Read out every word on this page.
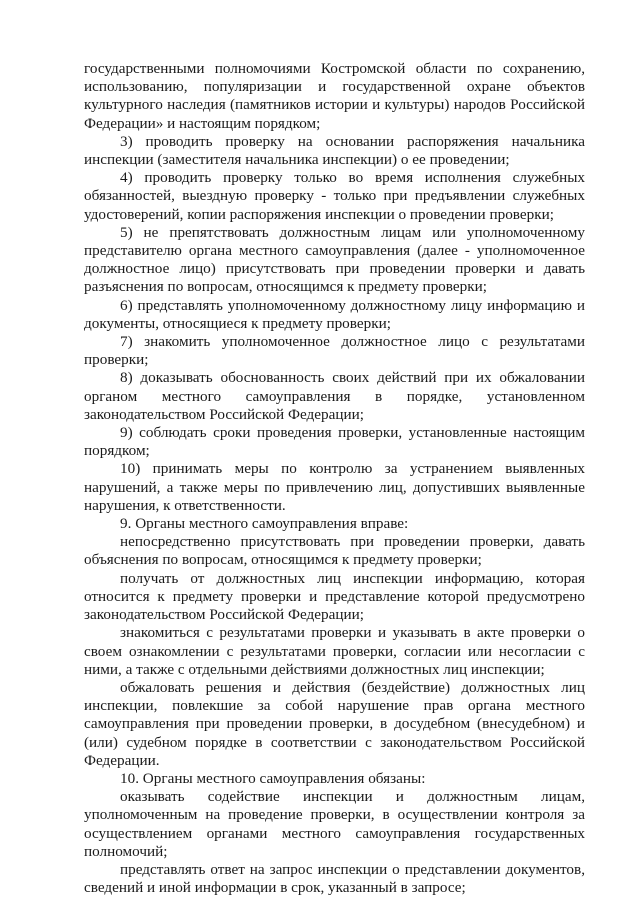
государственными полномочиями Костромской области по сохранению, использованию, популяризации и государственной охране объектов культурного наследия (памятников истории и культуры) народов Российской Федерации» и настоящим порядком;

3) проводить проверку на основании распоряжения начальника инспекции (заместителя начальника инспекции) о ее проведении;

4) проводить проверку только во время исполнения служебных обязанностей, выездную проверку - только при предъявлении служебных удостоверений, копии распоряжения инспекции о проведении проверки;

5) не препятствовать должностным лицам или уполномоченному представителю органа местного самоуправления (далее - уполномоченное должностное лицо) присутствовать при проведении проверки и давать разъяснения по вопросам, относящимся к предмету проверки;

6) представлять уполномоченному должностному лицу информацию и документы, относящиеся к предмету проверки;

7) знакомить уполномоченное должностное лицо с результатами проверки;

8) доказывать обоснованность своих действий при их обжаловании органом местного самоуправления в порядке, установленном законодательством Российской Федерации;

9) соблюдать сроки проведения проверки, установленные настоящим порядком;

10) принимать меры по контролю за устранением выявленных нарушений, а также меры по привлечению лиц, допустивших выявленные нарушения, к ответственности.

9. Органы местного самоуправления вправе:

непосредственно присутствовать при проведении проверки, давать объяснения по вопросам, относящимся к предмету проверки;

получать от должностных лиц инспекции информацию, которая относится к предмету проверки и представление которой предусмотрено законодательством Российской Федерации;

знакомиться с результатами проверки и указывать в акте проверки о своем ознакомлении с результатами проверки, согласии или несогласии с ними, а также с отдельными действиями должностных лиц инспекции;

обжаловать решения и действия (бездействие) должностных лиц инспекции, повлекшие за собой нарушение прав органа местного самоуправления при проведении проверки, в досудебном (внесудебном) и (или) судебном порядке в соответствии с законодательством Российской Федерации.

10. Органы местного самоуправления обязаны:

оказывать содействие инспекции и должностным лицам, уполномоченным на проведение проверки, в осуществлении контроля за осуществлением органами местного самоуправления государственных полномочий;

представлять ответ на запрос инспекции о представлении документов, сведений и иной информации в срок, указанный в запросе;
